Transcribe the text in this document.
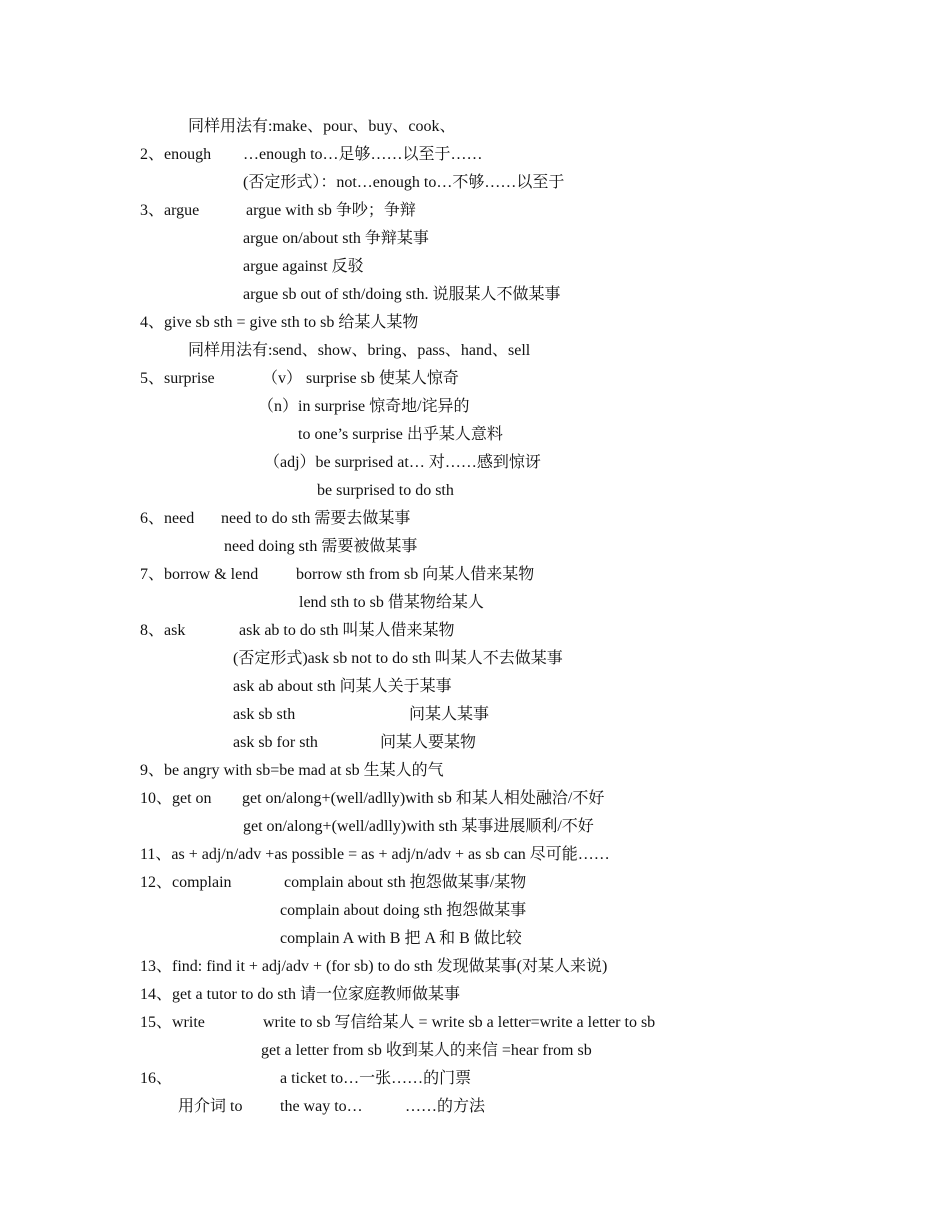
同样用法有:make、pour、buy、cook、
2、enough …enough to…足够……以至于……
(否定形式）：not…enough to…不够……以至于
3、argue	argue with sb 争吵；争辩
argue on/about sth 争辩某事
argue against 反驳
argue sb out of sth/doing sth. 说服某人不做某事
4、give sb sth = give sth to sb 给某人某物
同样用法有:send、show、bring、pass、hand、sell
5、surprise	（v） surprise sb 使某人惊奇
（n）in surprise 惊奇地/诧异的
to one’s surprise 出乎某人意料
（adj）be surprised at… 对……感到惊讶
be surprised to do sth
6、need need to do sth 需要去做某事
need doing sth 需要被做某事
7、borrow & lend borrow sth from sb 向某人借来某物
lend sth to sb 借某物给某人
8、ask	ask ab to do sth 叫某人借来某物
(否定形式)ask sb not to do sth 叫某人不去做某事
ask ab about sth 问某人关于某事
ask sb sth	问某人某事
ask sb for sth	问某人要某物
9、be angry with sb=be mad at sb 生某人的气
10、get on get on/along+(well/adlly)with sb 和某人相处融洽/不好
get on/along+(well/adlly)with sth 某事进展顺利/不好
11、as + adj/n/adv +as possible = as + adj/n/adv + as sb can 尽可能……
12、complain	complain about sth 抱怨做某事/某物
complain about doing sth 抱怨做某事
complain A with B 把 A 和 B 做比较
13、find: find it + adj/adv + (for sb) to do sth 发现做某事(对某人来说)
14、get a tutor to do sth 请一位家庭教师做某事
15、write	write to sb 写信给某人 = write sb a letter=write a letter to sb
get a letter from sb 收到某人的来信 =hear from sb
16、	a ticket to…一张……的门票
用介词 to the way to…	……的方法
